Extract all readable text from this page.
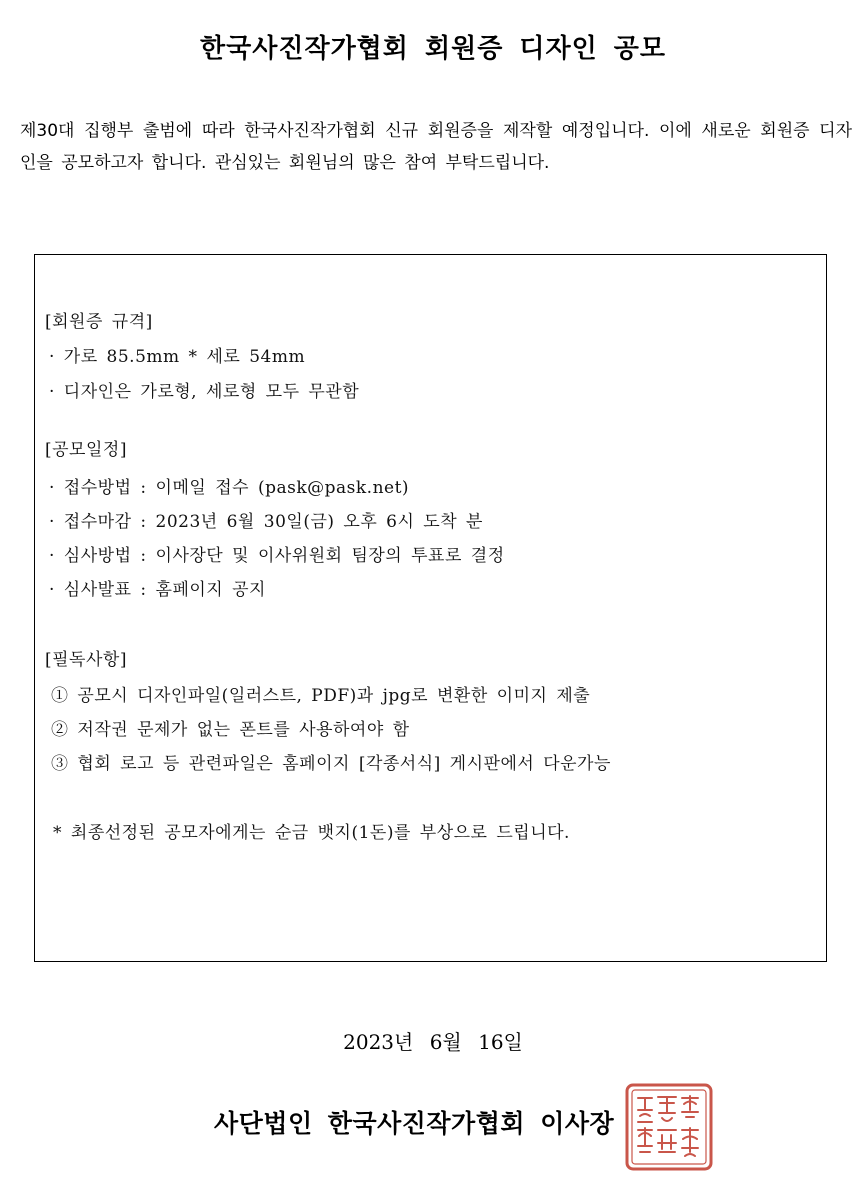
한국사진작가협회 회원증 디자인 공모
제30대 집행부 출범에 따라 한국사진작가협회 신규 회원증을 제작할 예정입니다. 이에 새로운 회원증 디자인을 공모하고자 합니다. 관심있는 회원님의 많은 참여 부탁드립니다.
[회원증 규격]
· 가로 85.5mm * 세로 54mm
· 디자인은 가로형, 세로형 모두 무관함
[공모일정]
· 접수방법 : 이메일 접수 (pask@pask.net)
· 접수마감 : 2023년 6월 30일(금) 오후 6시 도착 분
· 심사방법 : 이사장단 및 이사위원회 팀장의 투표로 결정
· 심사발표 : 홈페이지 공지
[필독사항]
① 공모시 디자인파일(일러스트, PDF)과 jpg로 변환한 이미지 제출
② 저작권 문제가 없는 폰트를 사용하여야 함
③ 협회 로고 등 관련파일은 홈페이지 [각종서식] 게시판에서 다운가능
* 최종선정된 공모자에게는 순금 뱃지(1돈)를 부상으로 드립니다.
2023년 6월 16일
사단법인 한국사진작가협회 이사장
